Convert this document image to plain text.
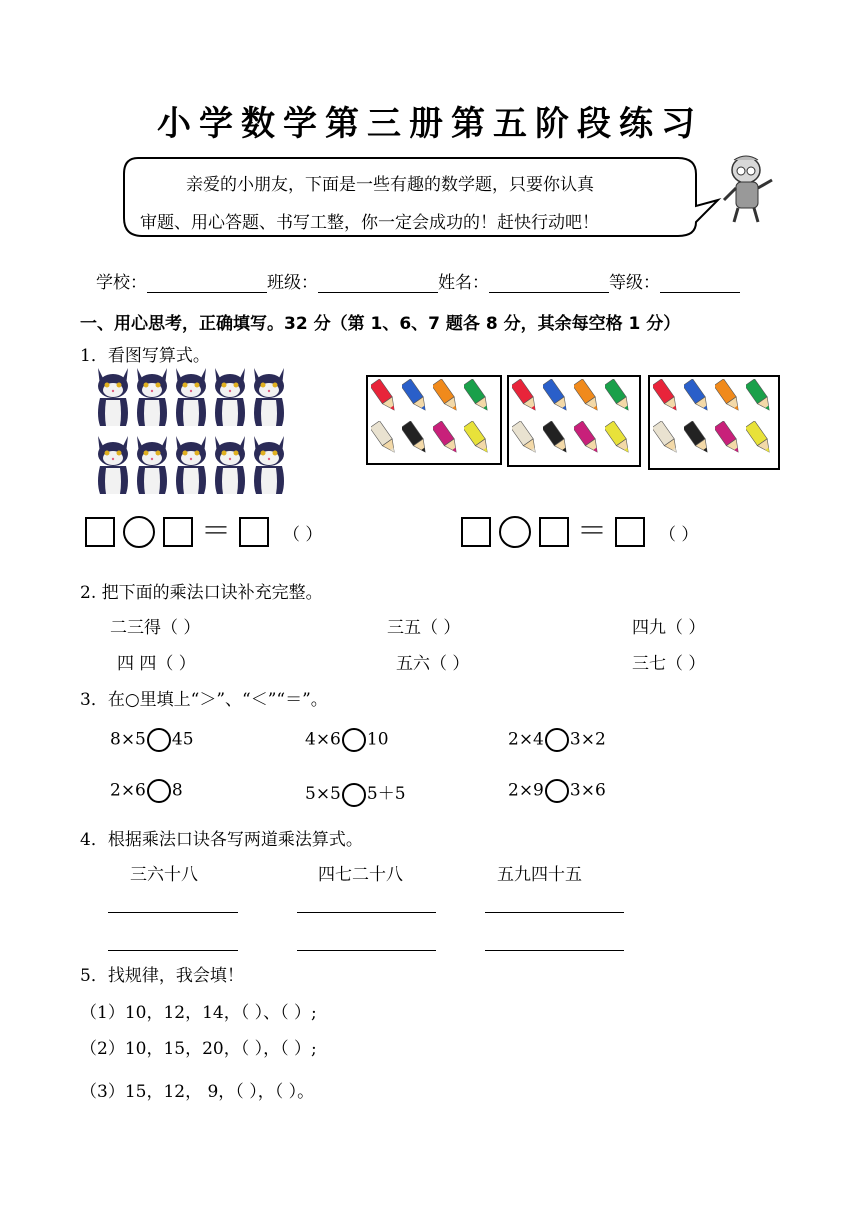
小学数学第三册第五阶段练习
亲爱的小朋友，下面是一些有趣的数学题，只要你认真
审题、用心答题、书写工整，你一定会成功的！赶快行动吧！
学校：	班级：	姓名：	等级：
一、用心思考，正确填写。32 分（第 1、6、7 题各 8 分，其余每空格 1 分）
1．看图写算式。
＝	（ ）	＝	（ ）
2. 把下面的乘法口诀补充完整。
二三得（ ）	三五（ ）	四九（ ）
四 四（ ）	五六（ ）	三七（ ）
3．在○里填上“＞”、“＜”“＝”。
8×5 45	4×6 10	2×4 3×2
2×6 8	5×5 5＋5	2×9 3×6
4．根据乘法口诀各写两道乘法算式。
三六十八	四七二十八	五九四十五
5．找规律，我会填！
（1）10，12，14，（ ）、（ ）;
（2）10，15，20，（ ），（ ）;
（3）15，12， 9，（ ），（ ）。
